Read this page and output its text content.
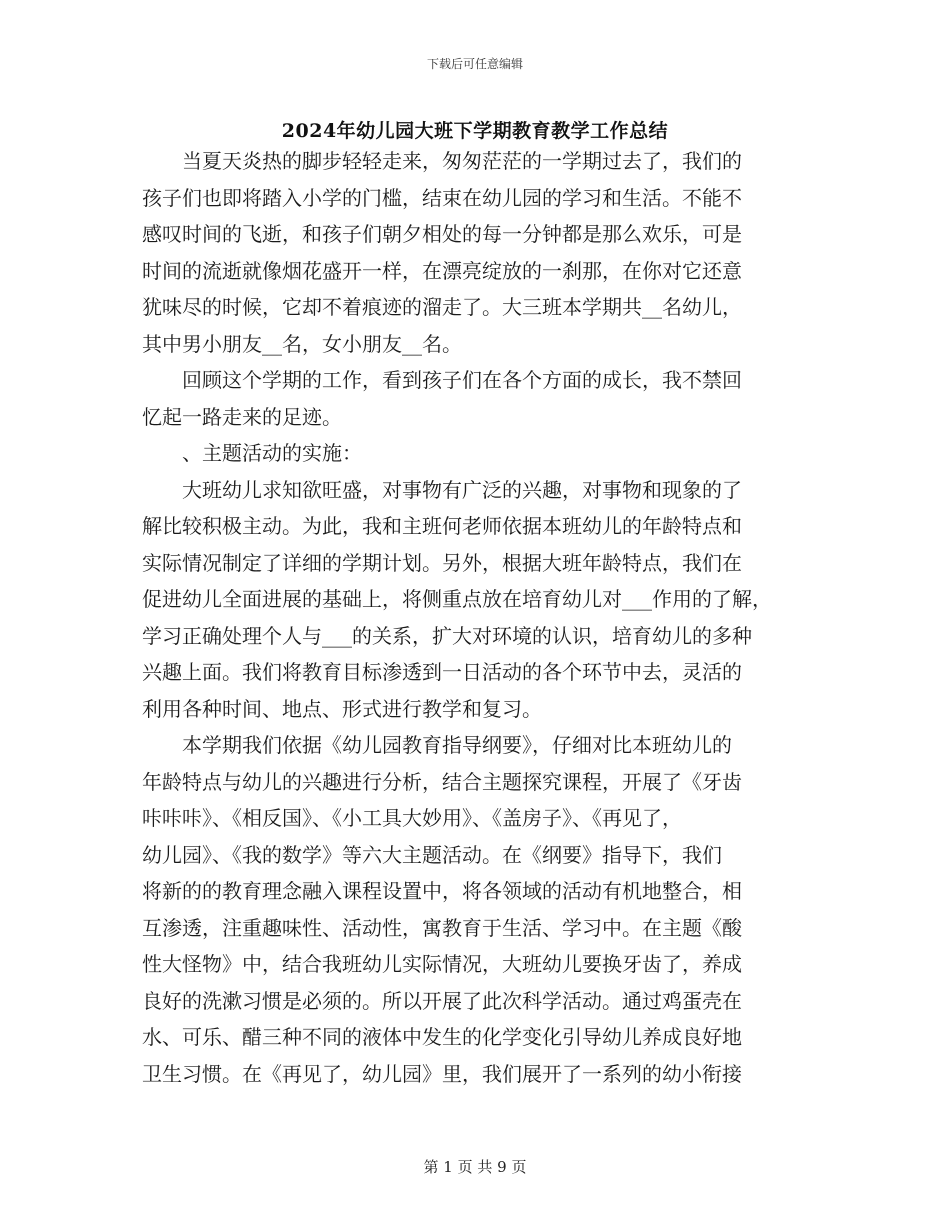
下载后可任意编辑
2024年幼儿园大班下学期教育教学工作总结
　　当夏天炎热的脚步轻轻走来，匆匆茫茫的一学期过去了，我们的
孩子们也即将踏入小学的门槛，结束在幼儿园的学习和生活。不能不
感叹时间的飞逝，和孩子们朝夕相处的每一分钟都是那么欢乐，可是
时间的流逝就像烟花盛开一样，在漂亮绽放的一刹那，在你对它还意
犹味尽的时候，它却不着痕迹的溜走了。大三班本学期共__名幼儿，
其中男小朋友__名，女小朋友__名。
　　回顾这个学期的工作，看到孩子们在各个方面的成长，我不禁回
忆起一路走来的足迹。
　　、主题活动的实施：
　　大班幼儿求知欲旺盛，对事物有广泛的兴趣，对事物和现象的了
解比较积极主动。为此，我和主班何老师依据本班幼儿的年龄特点和
实际情况制定了详细的学期计划。另外，根据大班年龄特点，我们在
促进幼儿全面进展的基础上，将侧重点放在培育幼儿对___作用的了解，
学习正确处理个人与___的关系，扩大对环境的认识，培育幼儿的多种
兴趣上面。我们将教育目标渗透到一日活动的各个环节中去，灵活的
利用各种时间、地点、形式进行教学和复习。
　　本学期我们依据《幼儿园教育指导纲要》，仔细对比本班幼儿的
年龄特点与幼儿的兴趣进行分析，结合主题探究课程，开展了《牙齿
咔咔咔》、《相反国》、《小工具大妙用》、《盖房子》、《再见了，
幼儿园》、《我的数学》等六大主题活动。在《纲要》指导下，我们
将新的的教育理念融入课程设置中，将各领域的活动有机地整合，相
互渗透，注重趣味性、活动性，寓教育于生活、学习中。在主题《酸
性大怪物》中，结合我班幼儿实际情况，大班幼儿要换牙齿了，养成
良好的洗漱习惯是必须的。所以开展了此次科学活动。通过鸡蛋壳在
水、可乐、醋三种不同的液体中发生的化学变化引导幼儿养成良好地
卫生习惯。在《再见了，幼儿园》里，我们展开了一系列的幼小衔接
第 1 页 共 9 页
